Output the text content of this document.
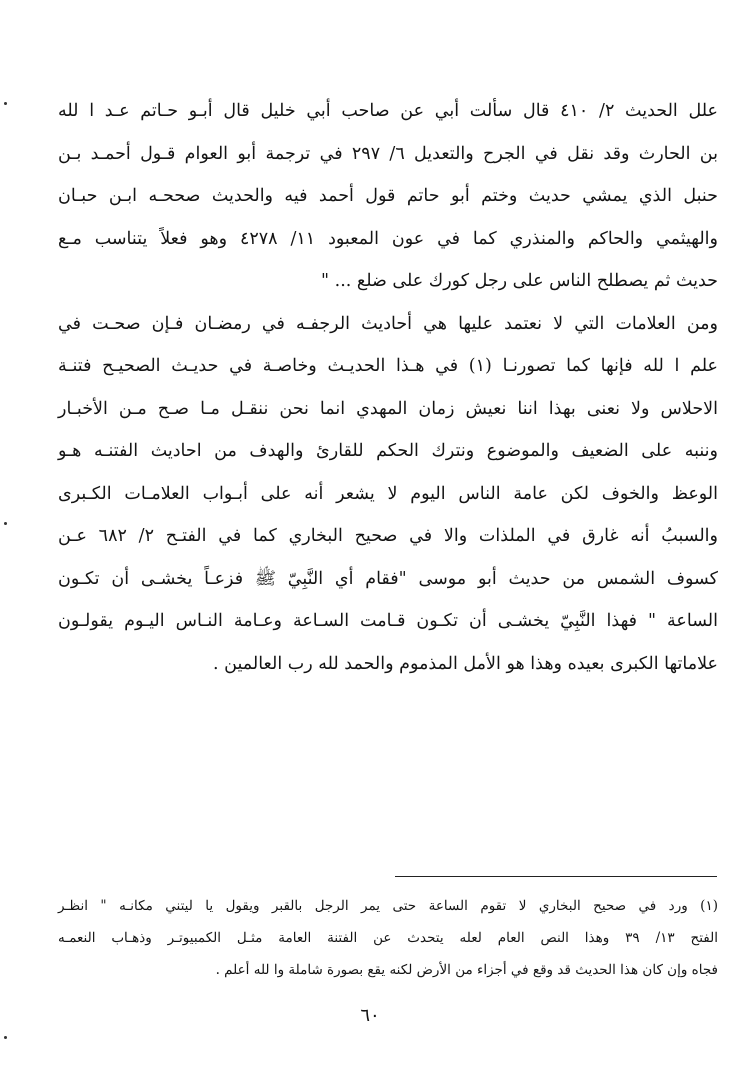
علل الحديث ٢/ ٤١٠ قال سألت أبي عن صاحب أبي خليل قال أبـو حـاتم عـد ا لله
بن الحارث وقد نقل في الجرح والتعديل ٦/ ٢٩٧ في ترجمة أبو العوام قـول أحمـد بـن
حنبل الذي يمشي حديث وختم أبو حاتم قول أحمد فيه والحديث صححـه ابـن حبـان
والهيثمي والحاكم والمنذري كما في عون المعبود ١١/ ٤٢٧٨ وهو فعلاً يتناسب مـع
حديث ثم يصطلح الناس على رجل كورك على ضلع ... "
ومن العلامات التي لا نعتمد عليها هي أحاديث الرجفـه في رمضـان فـإن صحـت في
علم ا لله فإنها كما تصورنـا (١) في هـذا الحديـث وخاصـة في حديـث الصحيـح فتنـة
الاحلاس ولا نعنى بهذا اننا نعيش زمان المهدي انما نحن ننقـل مـا صـح مـن الأخبـار
وننبه على الضعيف والموضوع ونترك الحكم للقارئ والهدف من احاديث الفتنـه هـو
الوعظ والخوف لكن عامة الناس اليوم لا يشعر أنه على أبـواب العلامـات الكـبرى
والسببُ أنه غارق في الملذات والا في صحيح البخاري كما في الفتـح ٢/ ٦٨٢ عـن
كسوف الشمس من حديث أبو موسى "فقام أي النَّبِيّ ﷺ فزعـاً يخشـى أن تكـون
الساعة " فهذا النَّبِيّ يخشـى أن تكـون قـامت السـاعة وعـامة النـاس اليـوم يقولـون
علاماتها الكبرى بعيده وهذا هو الأمل المذموم والحمد لله رب العالمين .
(١) ورد في صحيح البخاري لا تقوم الساعة حتى يمر الرجل بالقبر ويقول يا ليتني مكانـه " انظـر
الفتح ١٣/ ٣٩ وهذا النص العام لعله يتحدث عن الفتنة العامة مثـل الكمبيوتـر وذهـاب النعمـه
فجاه وإن كان هذا الحديث قد وقع في أجزاء من الأرض لكنه يقع بصورة شاملة وا لله أعلم .
٦٠
